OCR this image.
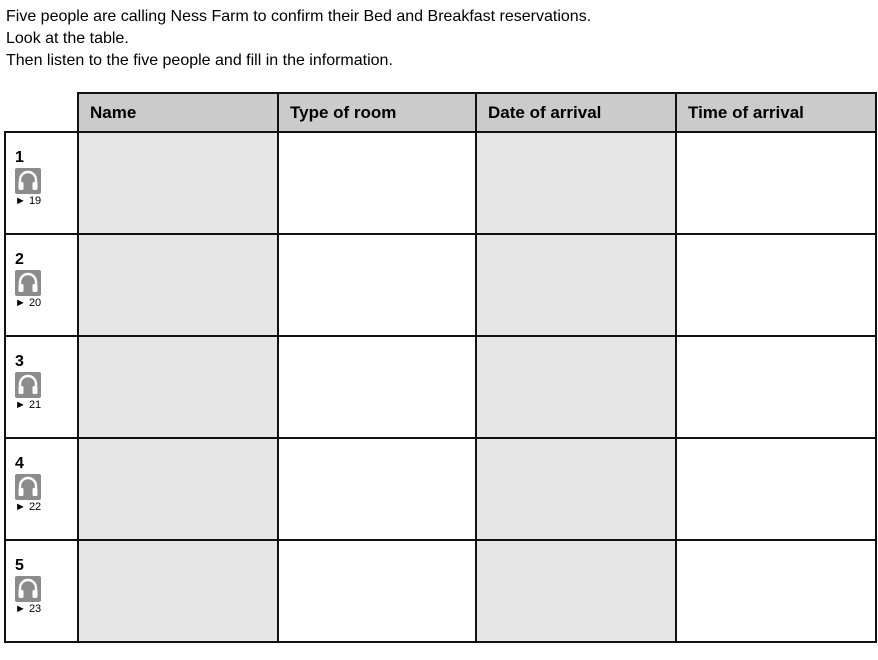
Five people are calling Ness Farm to confirm their Bed and Breakfast reservations.
Look at the table.
Then listen to the five people and fill in the information.
	Name	Type of room	Date of arrival	Time of arrival

1
► 19				

2
► 20				

3
► 21				

4
► 22				

5
► 23				
